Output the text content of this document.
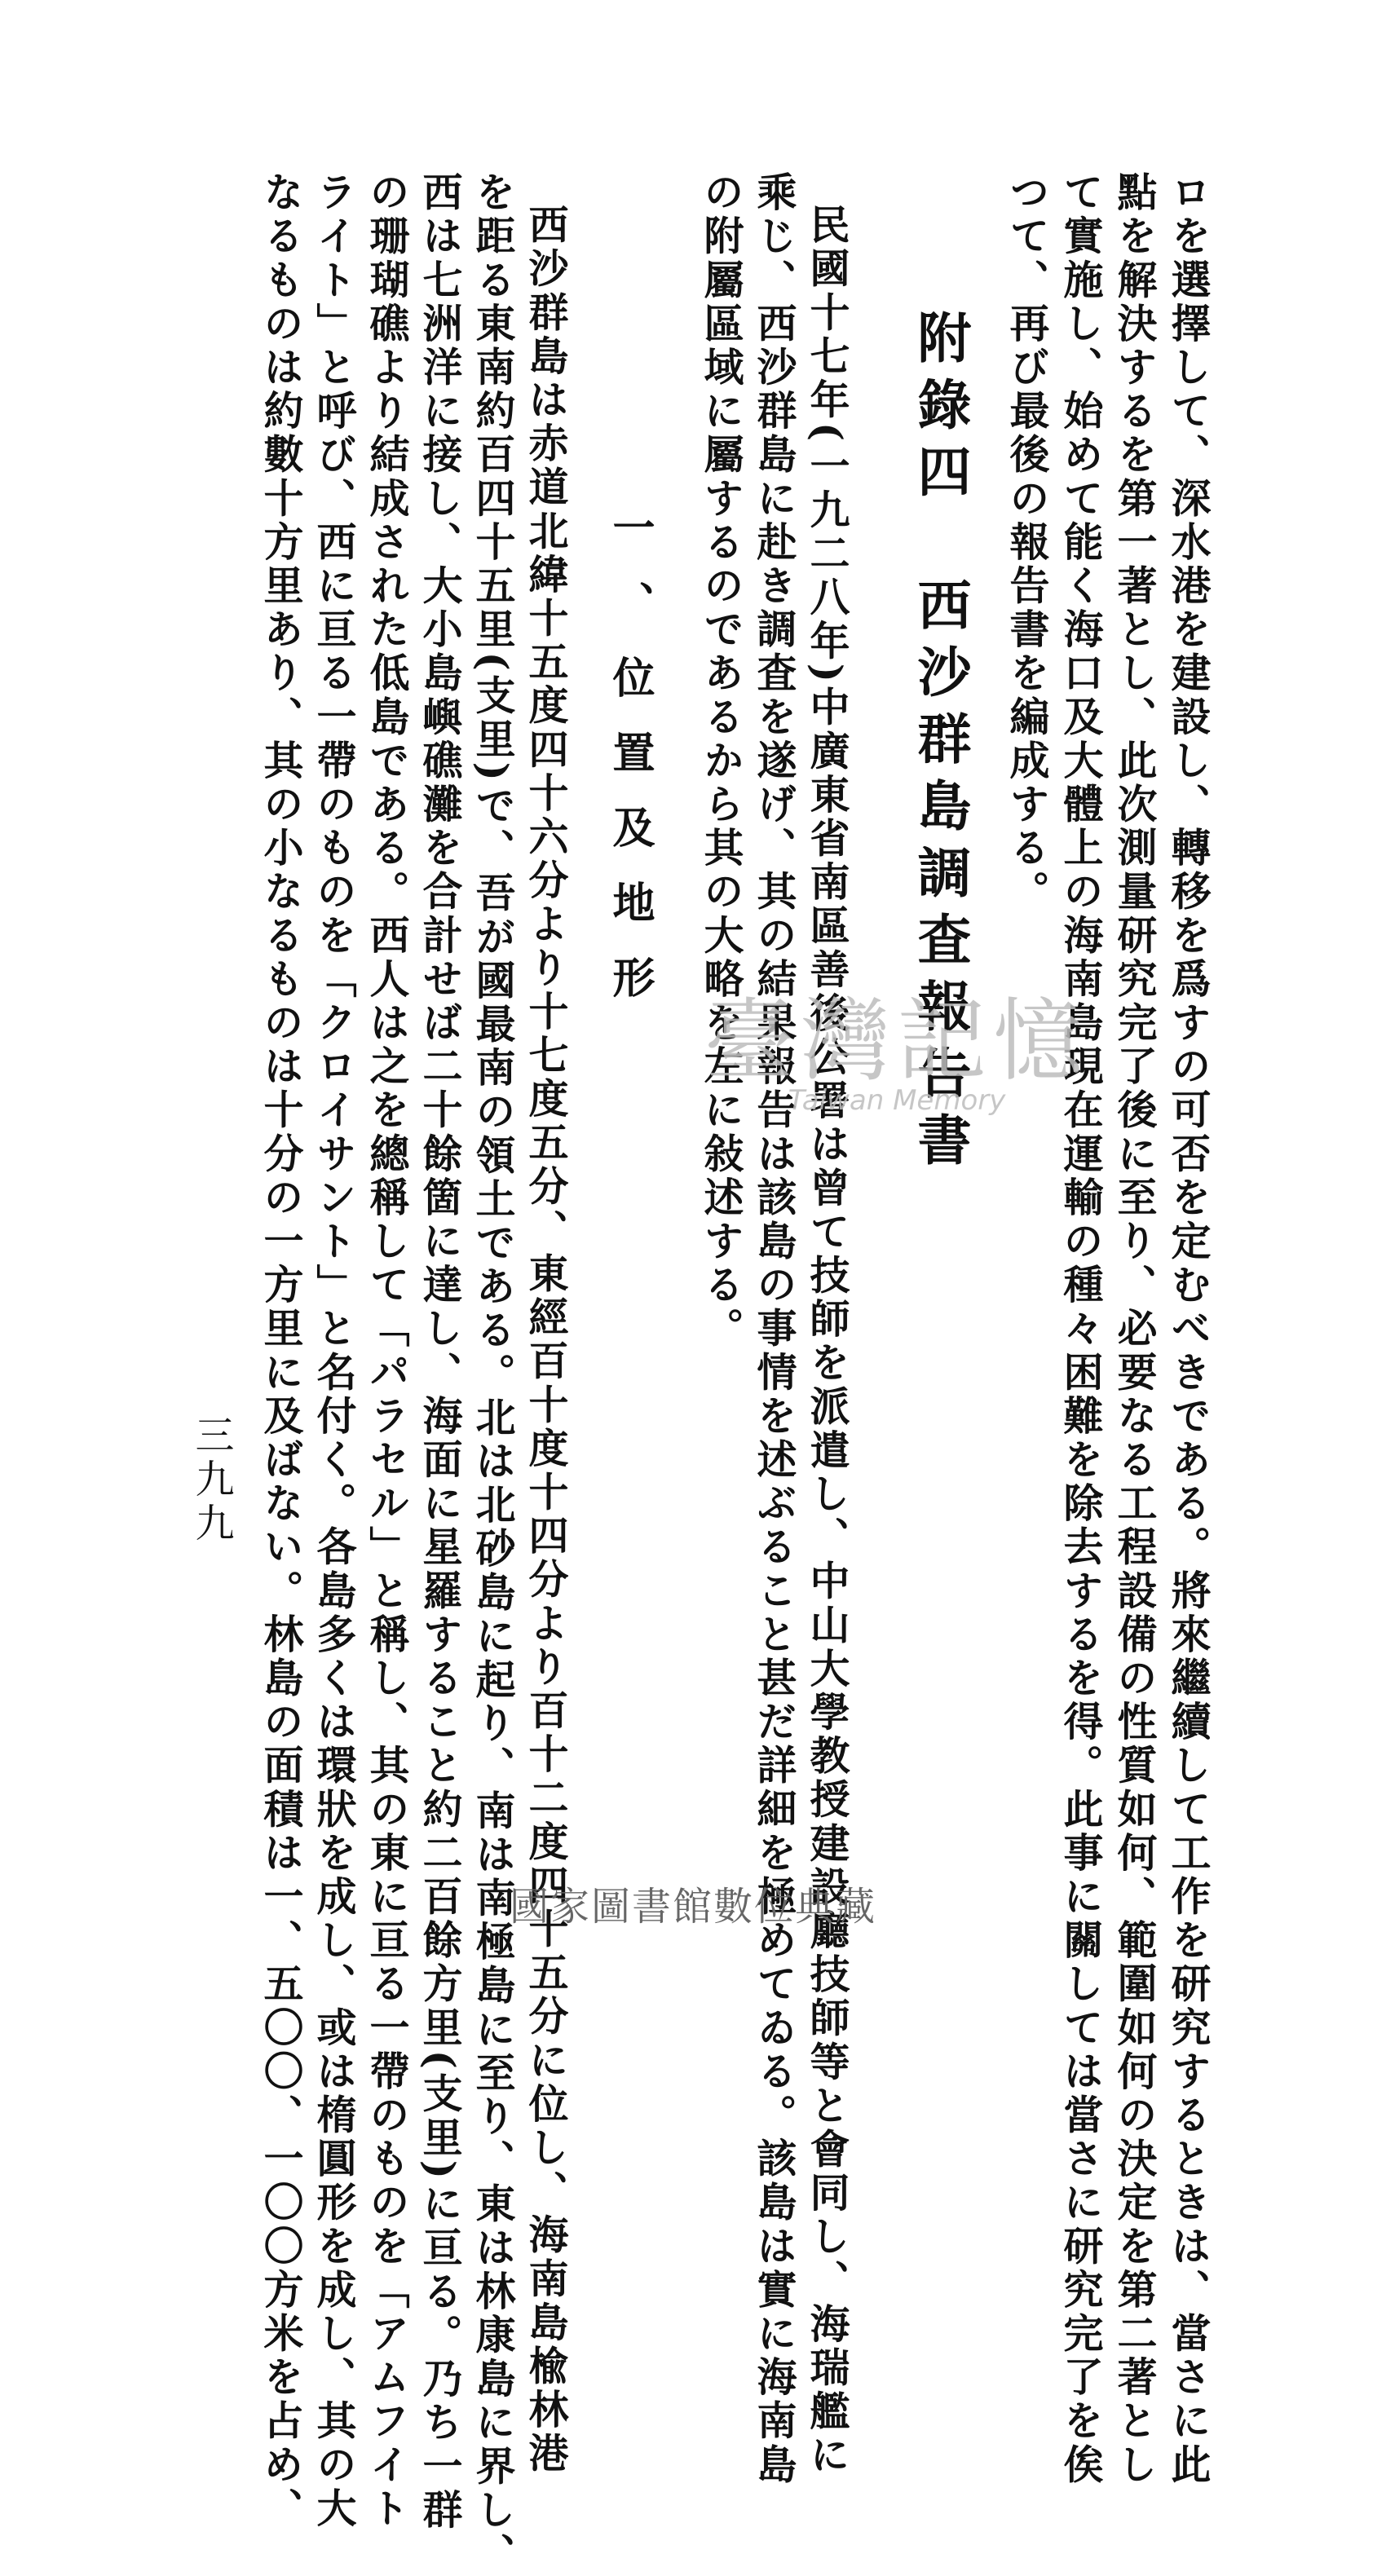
ロを選擇して、深水港を建設し、轉移を爲すの可否を定むべきである。將來繼續して工作を研究するときは、當さに此
點を解決するを第一著とし、此次測量研究完了後に至り、必要なる工程設備の性質如何、範圍如何の決定を第二著とし
て實施し、始めて能く海口及大體上の海南島現在運輸の種々困難を除去するを得。此事に關しては當さに研究完了を俟
つて、再び最後の報告書を編成する。
附錄四　西沙群島調査報告書
民國十七年(一九二八年)中廣東省南區善後公署は曾て技師を派遣し、中山大學教授建設廳技師等と會同し、海瑞艦に
乘じ、西沙群島に赴き調査を遂げ、其の結果報告は該島の事情を述ぶること甚だ詳細を極めてゐる。該島は實に海南島
の附屬區域に屬するのであるから其の大略を左に敍述する。
一、位置及地形
西沙群島は赤道北緯十五度四十六分より十七度五分、東經百十度十四分より百十二度四十五分に位し、海南島楡林港
を距る東南約百四十五里(支里)で、吾が國最南の領土である。北は北砂島に起り、南は南極島に至り、東は林康島に界し、
西は七洲洋に接し、大小島嶼礁灘を合計せば二十餘箇に達し、海面に星羅すること約二百餘方里(支里)に亘る。乃ち一群
の珊瑚礁より結成された低島である。西人は之を總稱して「パラセル」と稱し、其の東に亘る一帶のものを「アムフイト
ライト」と呼び、西に亘る一帶のものを「クロイサント」と名付く。各島多くは環狀を成し、或は楕圓形を成し、其の大
なるものは約數十方里あり、其の小なるものは十分の一方里に及ばない。林島の面積は一、五〇〇、一〇〇方米を占め、
三九九
臺灣記憶
Taiwan Memory
國家圖書館數位典藏
